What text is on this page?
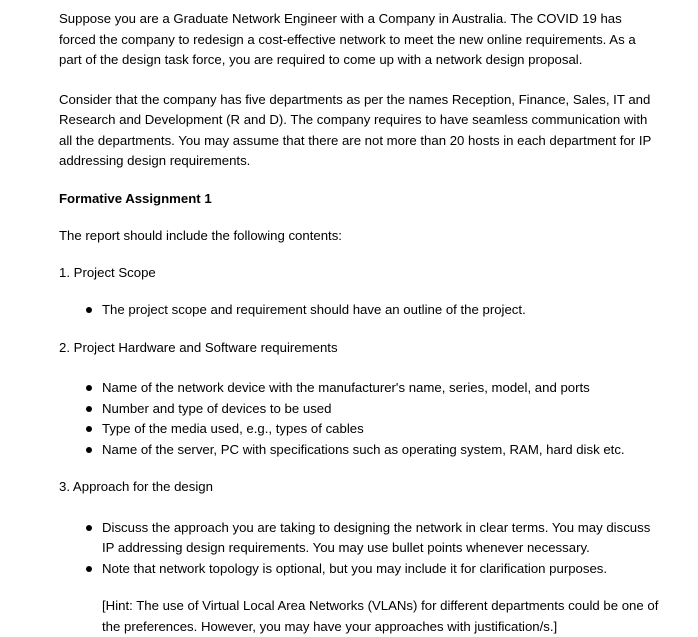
Suppose you are a Graduate Network Engineer with a Company in Australia. The COVID 19 has forced the company to redesign a cost-effective network to meet the new online requirements. As a part of the design task force, you are required to come up with a network design proposal.

Consider that the company has five departments as per the names Reception, Finance, Sales, IT and Research and Development (R and D). The company requires to have seamless communication with all the departments. You may assume that there are not more than 20 hosts in each department for IP addressing design requirements.

Formative Assignment 1

The report should include the following contents:

1. Project Scope

The project scope and requirement should have an outline of the project.

2. Project Hardware and Software requirements

Name of the network device with the manufacturer's name, series, model, and ports
Number and type of devices to be used
Type of the media used, e.g., types of cables
Name of the server, PC with specifications such as operating system, RAM, hard disk etc.

3. Approach for the design

Discuss the approach you are taking to designing the network in clear terms. You may discuss IP addressing design requirements. You may use bullet points whenever necessary.
Note that network topology is optional, but you may include it for clarification purposes.

[Hint: The use of Virtual Local Area Networks (VLANs) for different departments could be one of the preferences. However, you may have your approaches with justification/s.]
